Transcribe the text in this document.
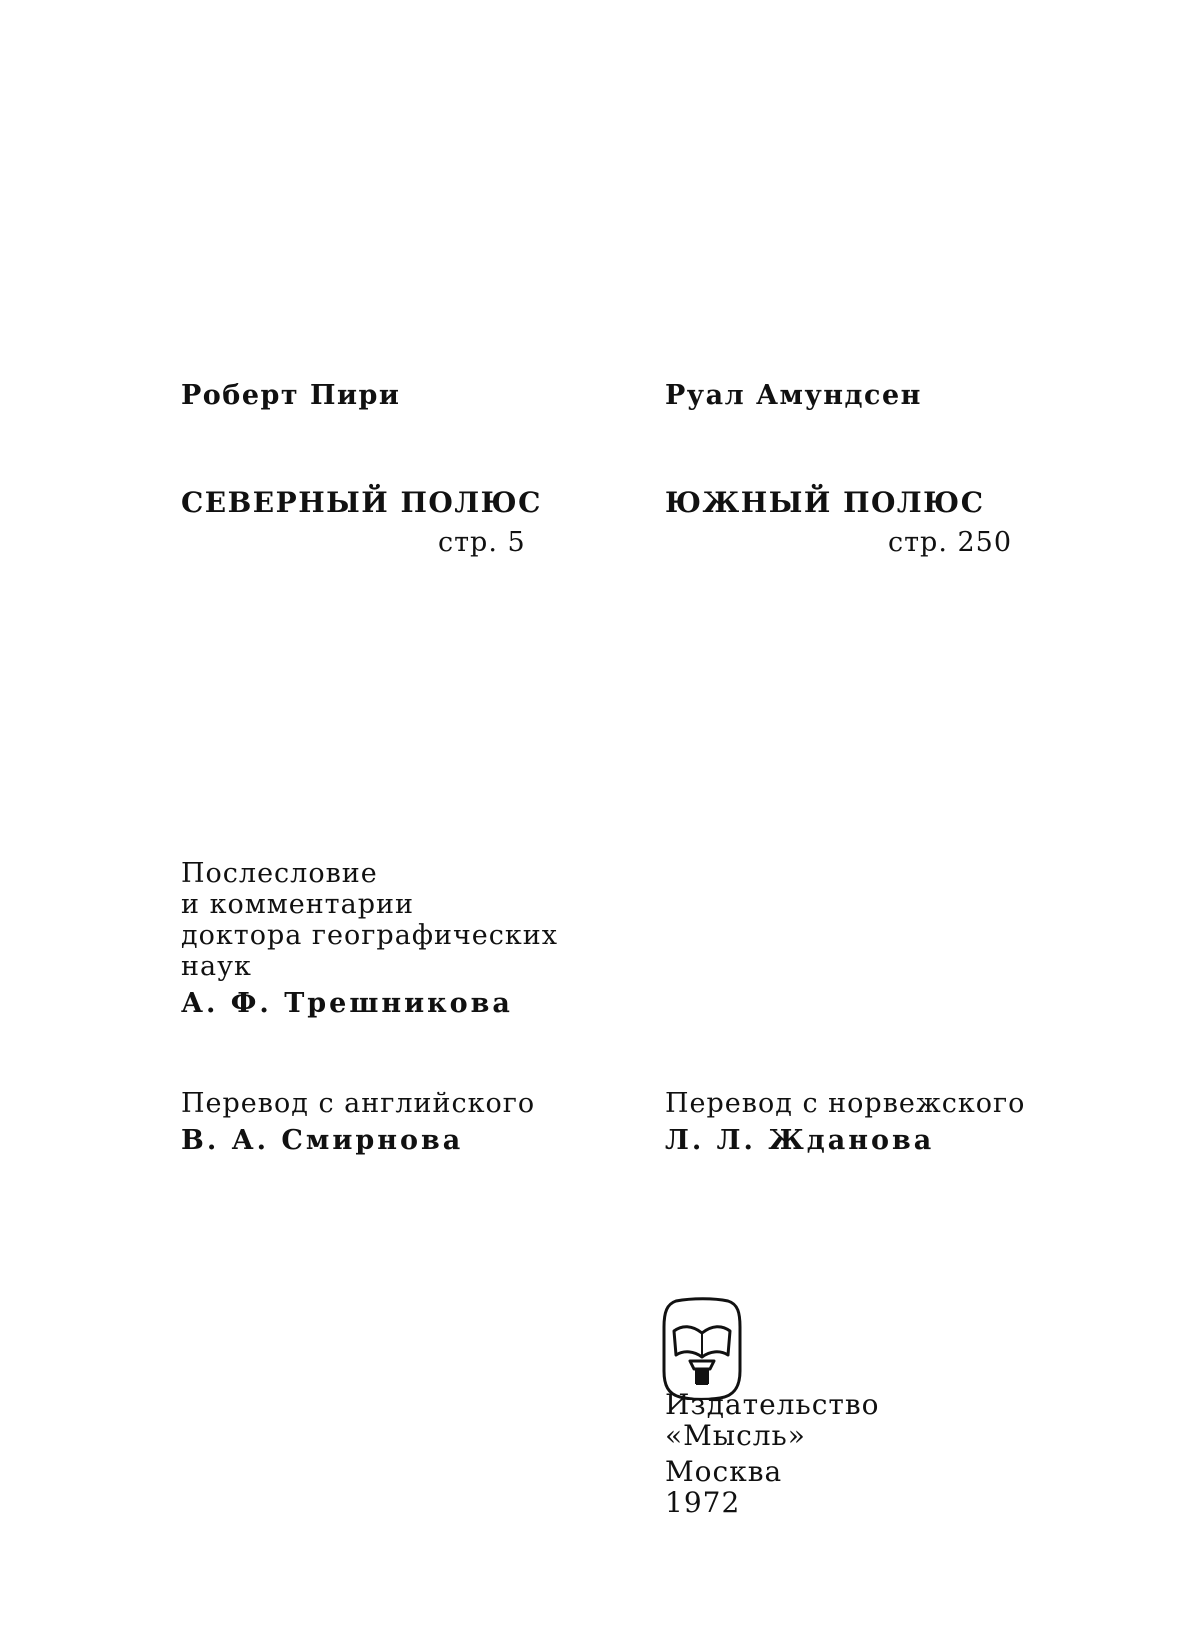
Роберт Пири
СЕВЕРНЫЙ ПОЛЮС
стр. 5
Послесловие
и комментарии
доктора географических
наук
А. Ф. Трешникова
Перевод с английского
В. А. Смирнова
Руал Амундсен
ЮЖНЫЙ ПОЛЮС
стр. 250
Перевод с норвежского
Л. Л. Жданова
Издательство
«Мысль»
Москва
1972
